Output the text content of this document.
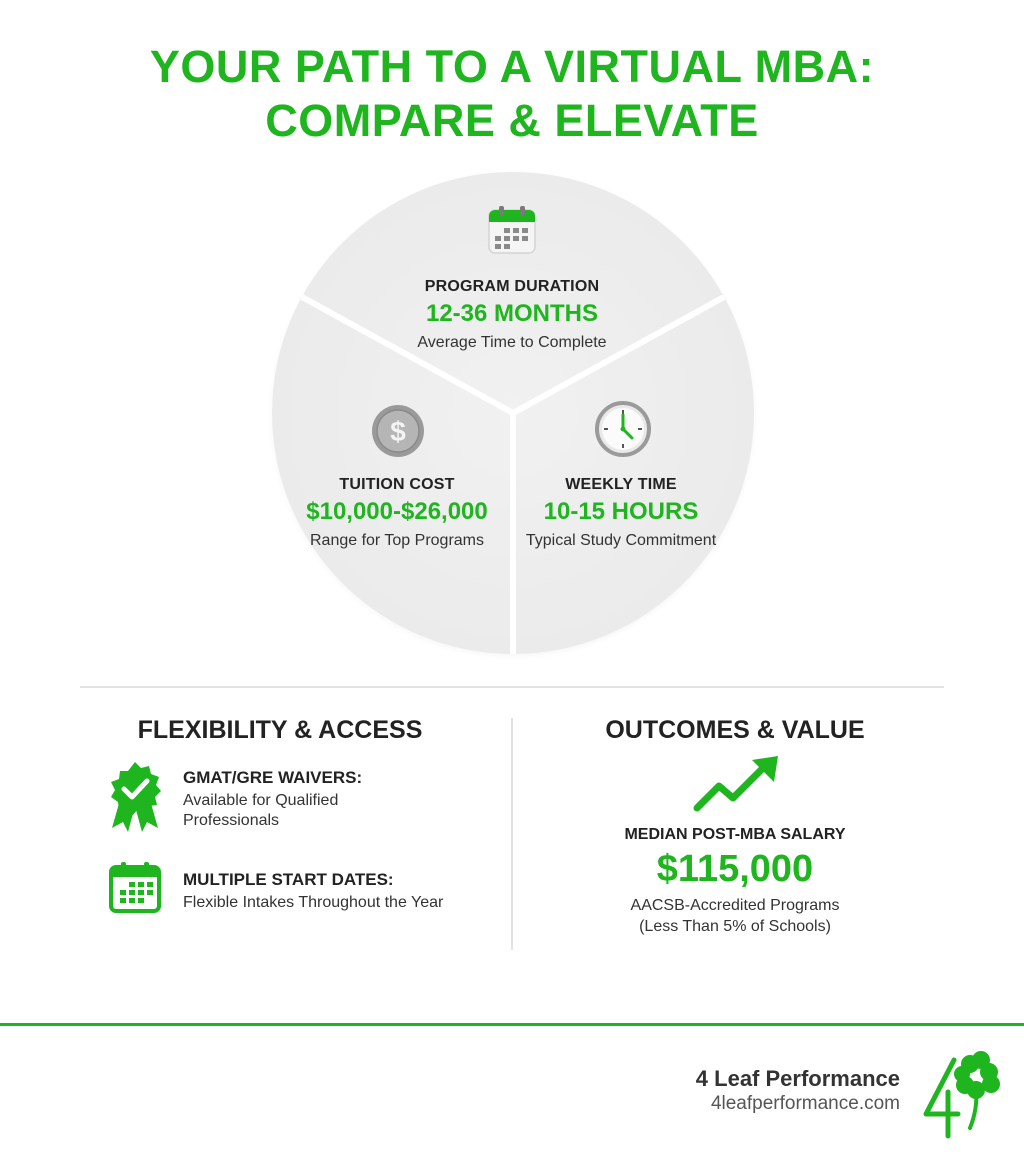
YOUR PATH TO A VIRTUAL MBA:
COMPARE & ELEVATE
PROGRAM DURATION
12-36 MONTHS
Average Time to Complete
$
TUITION COST
$10,000-$26,000
Range for Top Programs
WEEKLY TIME
10-15 HOURS
Typical Study Commitment
FLEXIBILITY & ACCESS
GMAT/GRE WAIVERS:
Available for Qualified
Professionals
MULTIPLE START DATES:
Flexible Intakes Throughout the Year
OUTCOMES & VALUE
MEDIAN POST-MBA SALARY
$115,000
AACSB-Accredited Programs
(Less Than 5% of Schools)
4 Leaf Performance
4leafperformance.com
